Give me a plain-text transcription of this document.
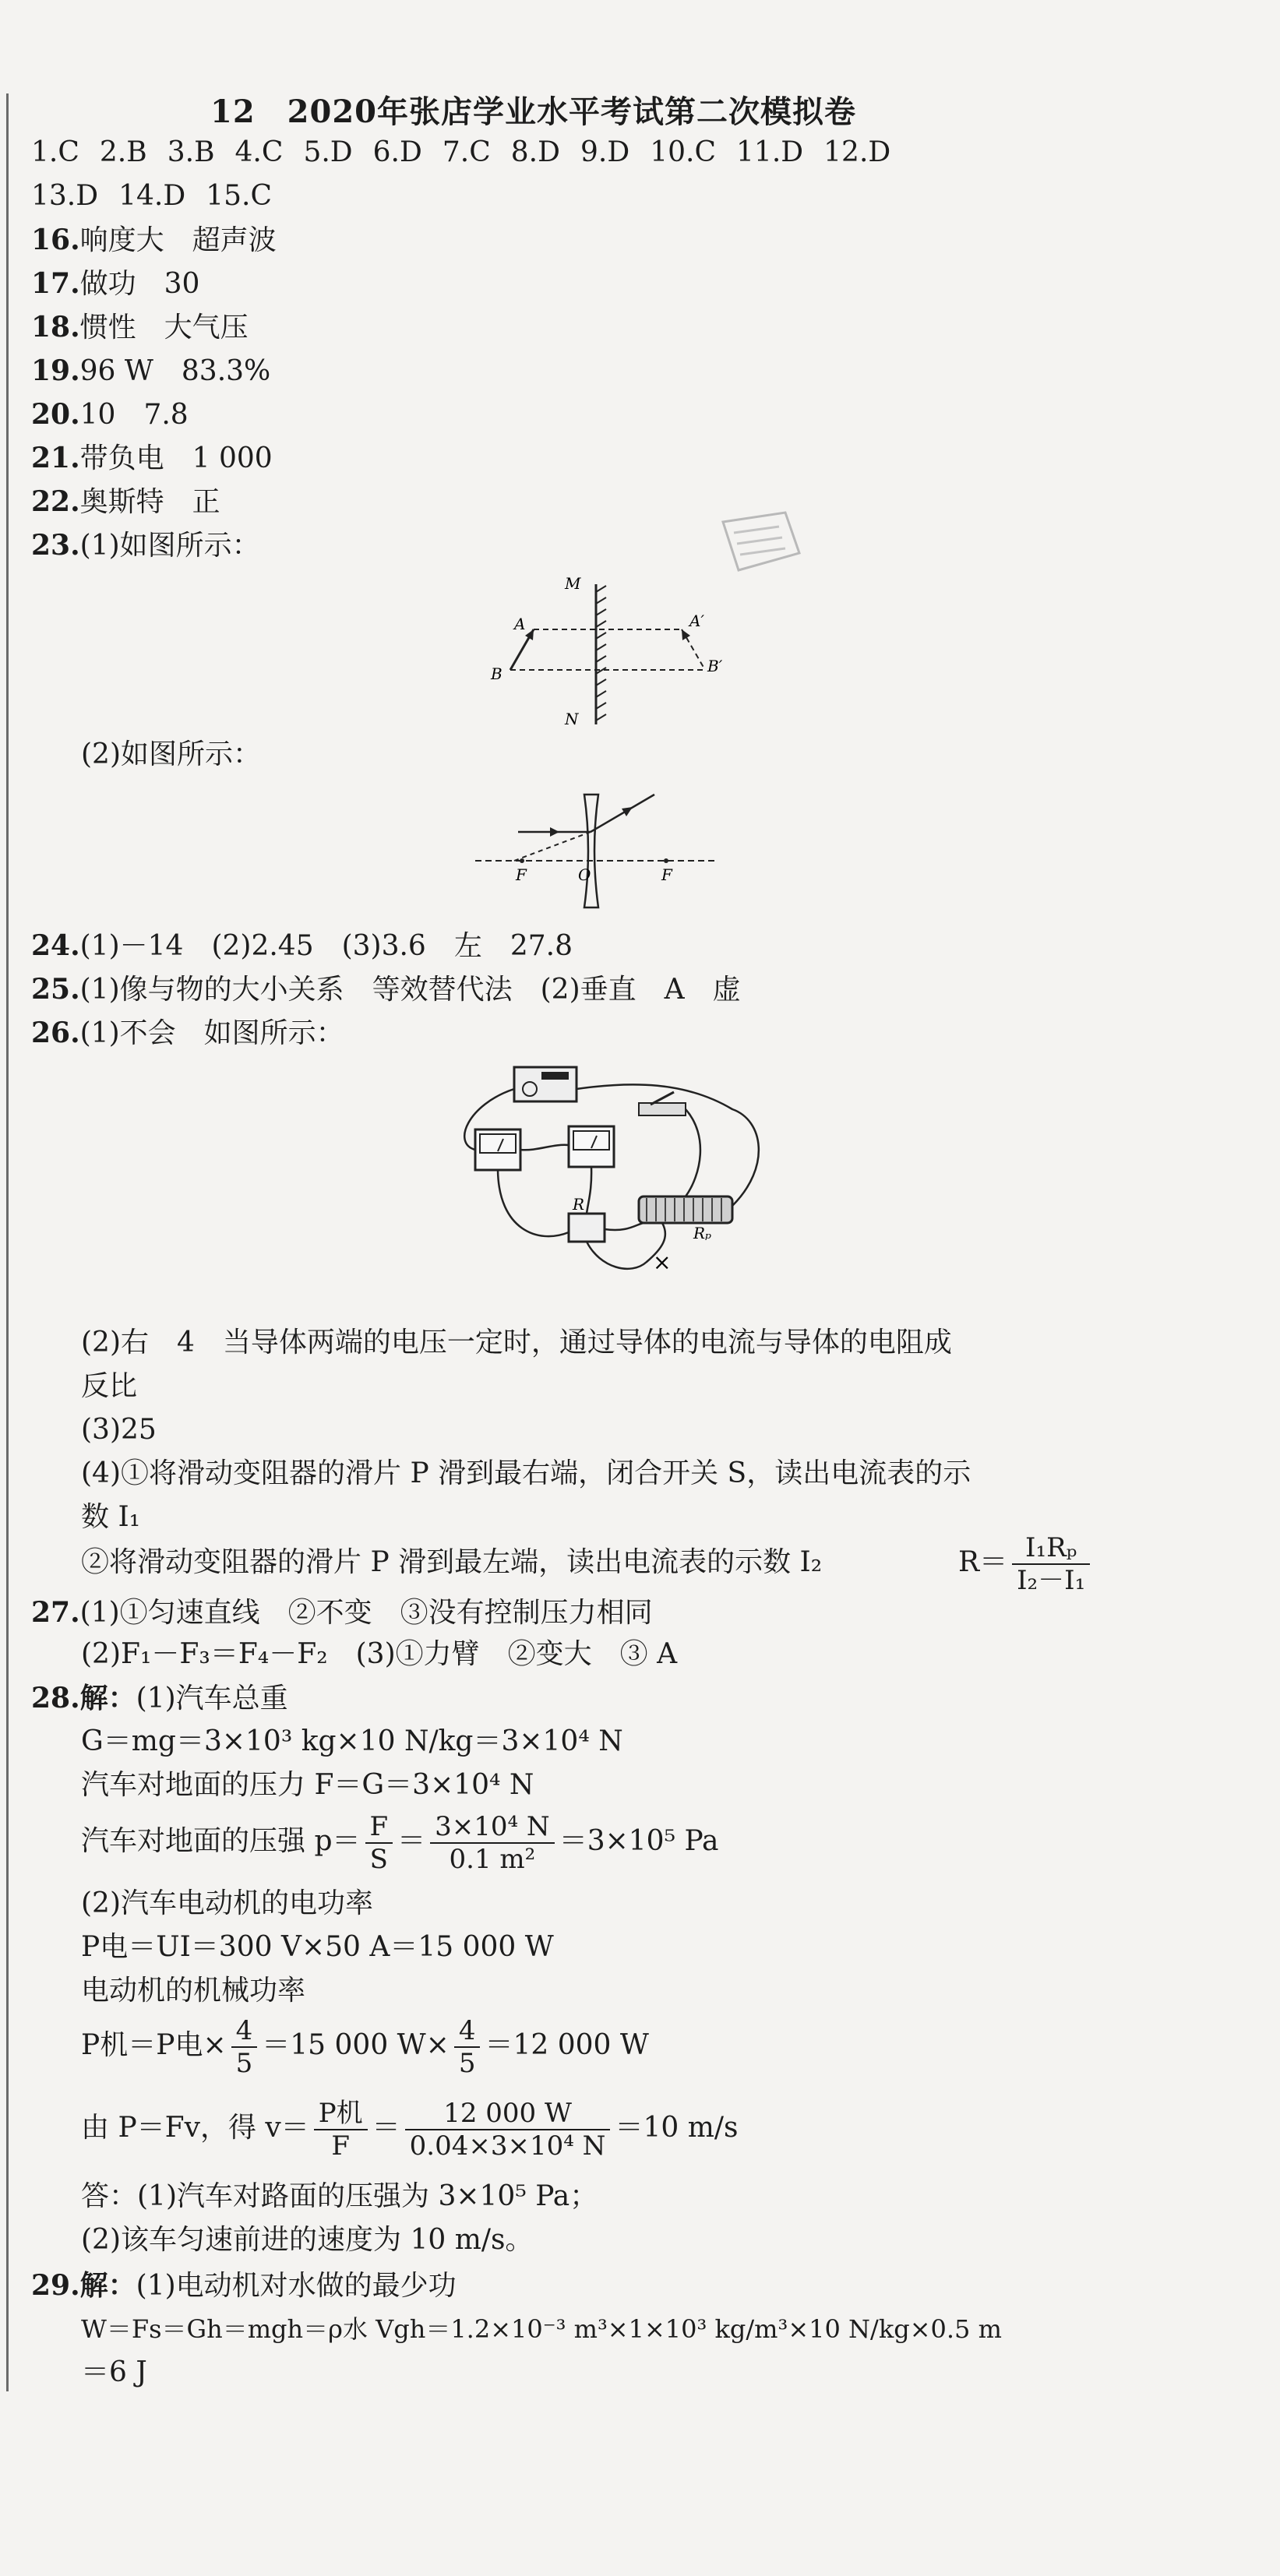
12　2020年张店学业水平考试第二次模拟卷
1.C 2.B 3.B 4.C 5.D 6.D 7.C 8.D 9.D 10.C 11.D 12.D
13.D 14.D 15.C
16.响度大　超声波
17.做功　30
18.惯性　大气压
19.96 W　83.3%
20.10　7.8
21.带负电　1 000
22.奥斯特　正
23.(1)如图所示：
M
N
A
B
A′
B′
(2)如图所示：
F	O	F
24.(1)－14　(2)2.45　(3)3.6　左　27.8
25.(1)像与物的大小关系　等效替代法　(2)垂直　A　虚
26.(1)不会　如图所示：
R
Rₚ
×
(2)右　4　当导体两端的电压一定时，通过导体的电流与导体的电阻成
反比
(3)25
(4)①将滑动变阻器的滑片 P 滑到最右端，闭合开关 S，读出电流表的示
数 I₁
②将滑动变阻器的滑片 P 滑到最左端，读出电流表的示数 I₂	$R= \frac{\text{I₁Rₚ}}{\text{I₂－I₁}}$
27.(1)①匀速直线　②不变　③没有控制压力相同
(2)F₁－F₃＝F₄－F₂　(3)①力臂　②变大　③ A
28.解：(1)汽车总重
G＝mg＝3×10³ kg×10 N/kg＝3×10⁴ N
汽车对地面的压力 F＝G＝3×10⁴ N
汽车对地面的压强 $p= \frac{F}{S} = \frac{\text{3×10⁴ N}}{\text{0.1 m²}} =3\times 10^5$ Pa
(2)汽车电动机的电功率
P电＝UI＝300 V×50 A＝15 000 W
电动机的机械功率
P机＝P电× $\frac{4}{5} =15$ 000 $W\times \frac{4}{5} =12$ 000 W
由 P＝Fv，得 $v= \frac{\text{P机}}{F} = \frac{12 000 W}{\text{0.04×3×10⁴ N}} =10$ m/s
答：(1)汽车对路面的压强为 3×10⁵ Pa；
(2)该车匀速前进的速度为 10 m/s。
29.解：(1)电动机对水做的最少功
W＝Fs＝Gh＝mgh＝ρ水 Vgh＝1.2×10⁻³ m³×1×10³ kg/m³×10 N/kg×0.5 m
＝6 J
